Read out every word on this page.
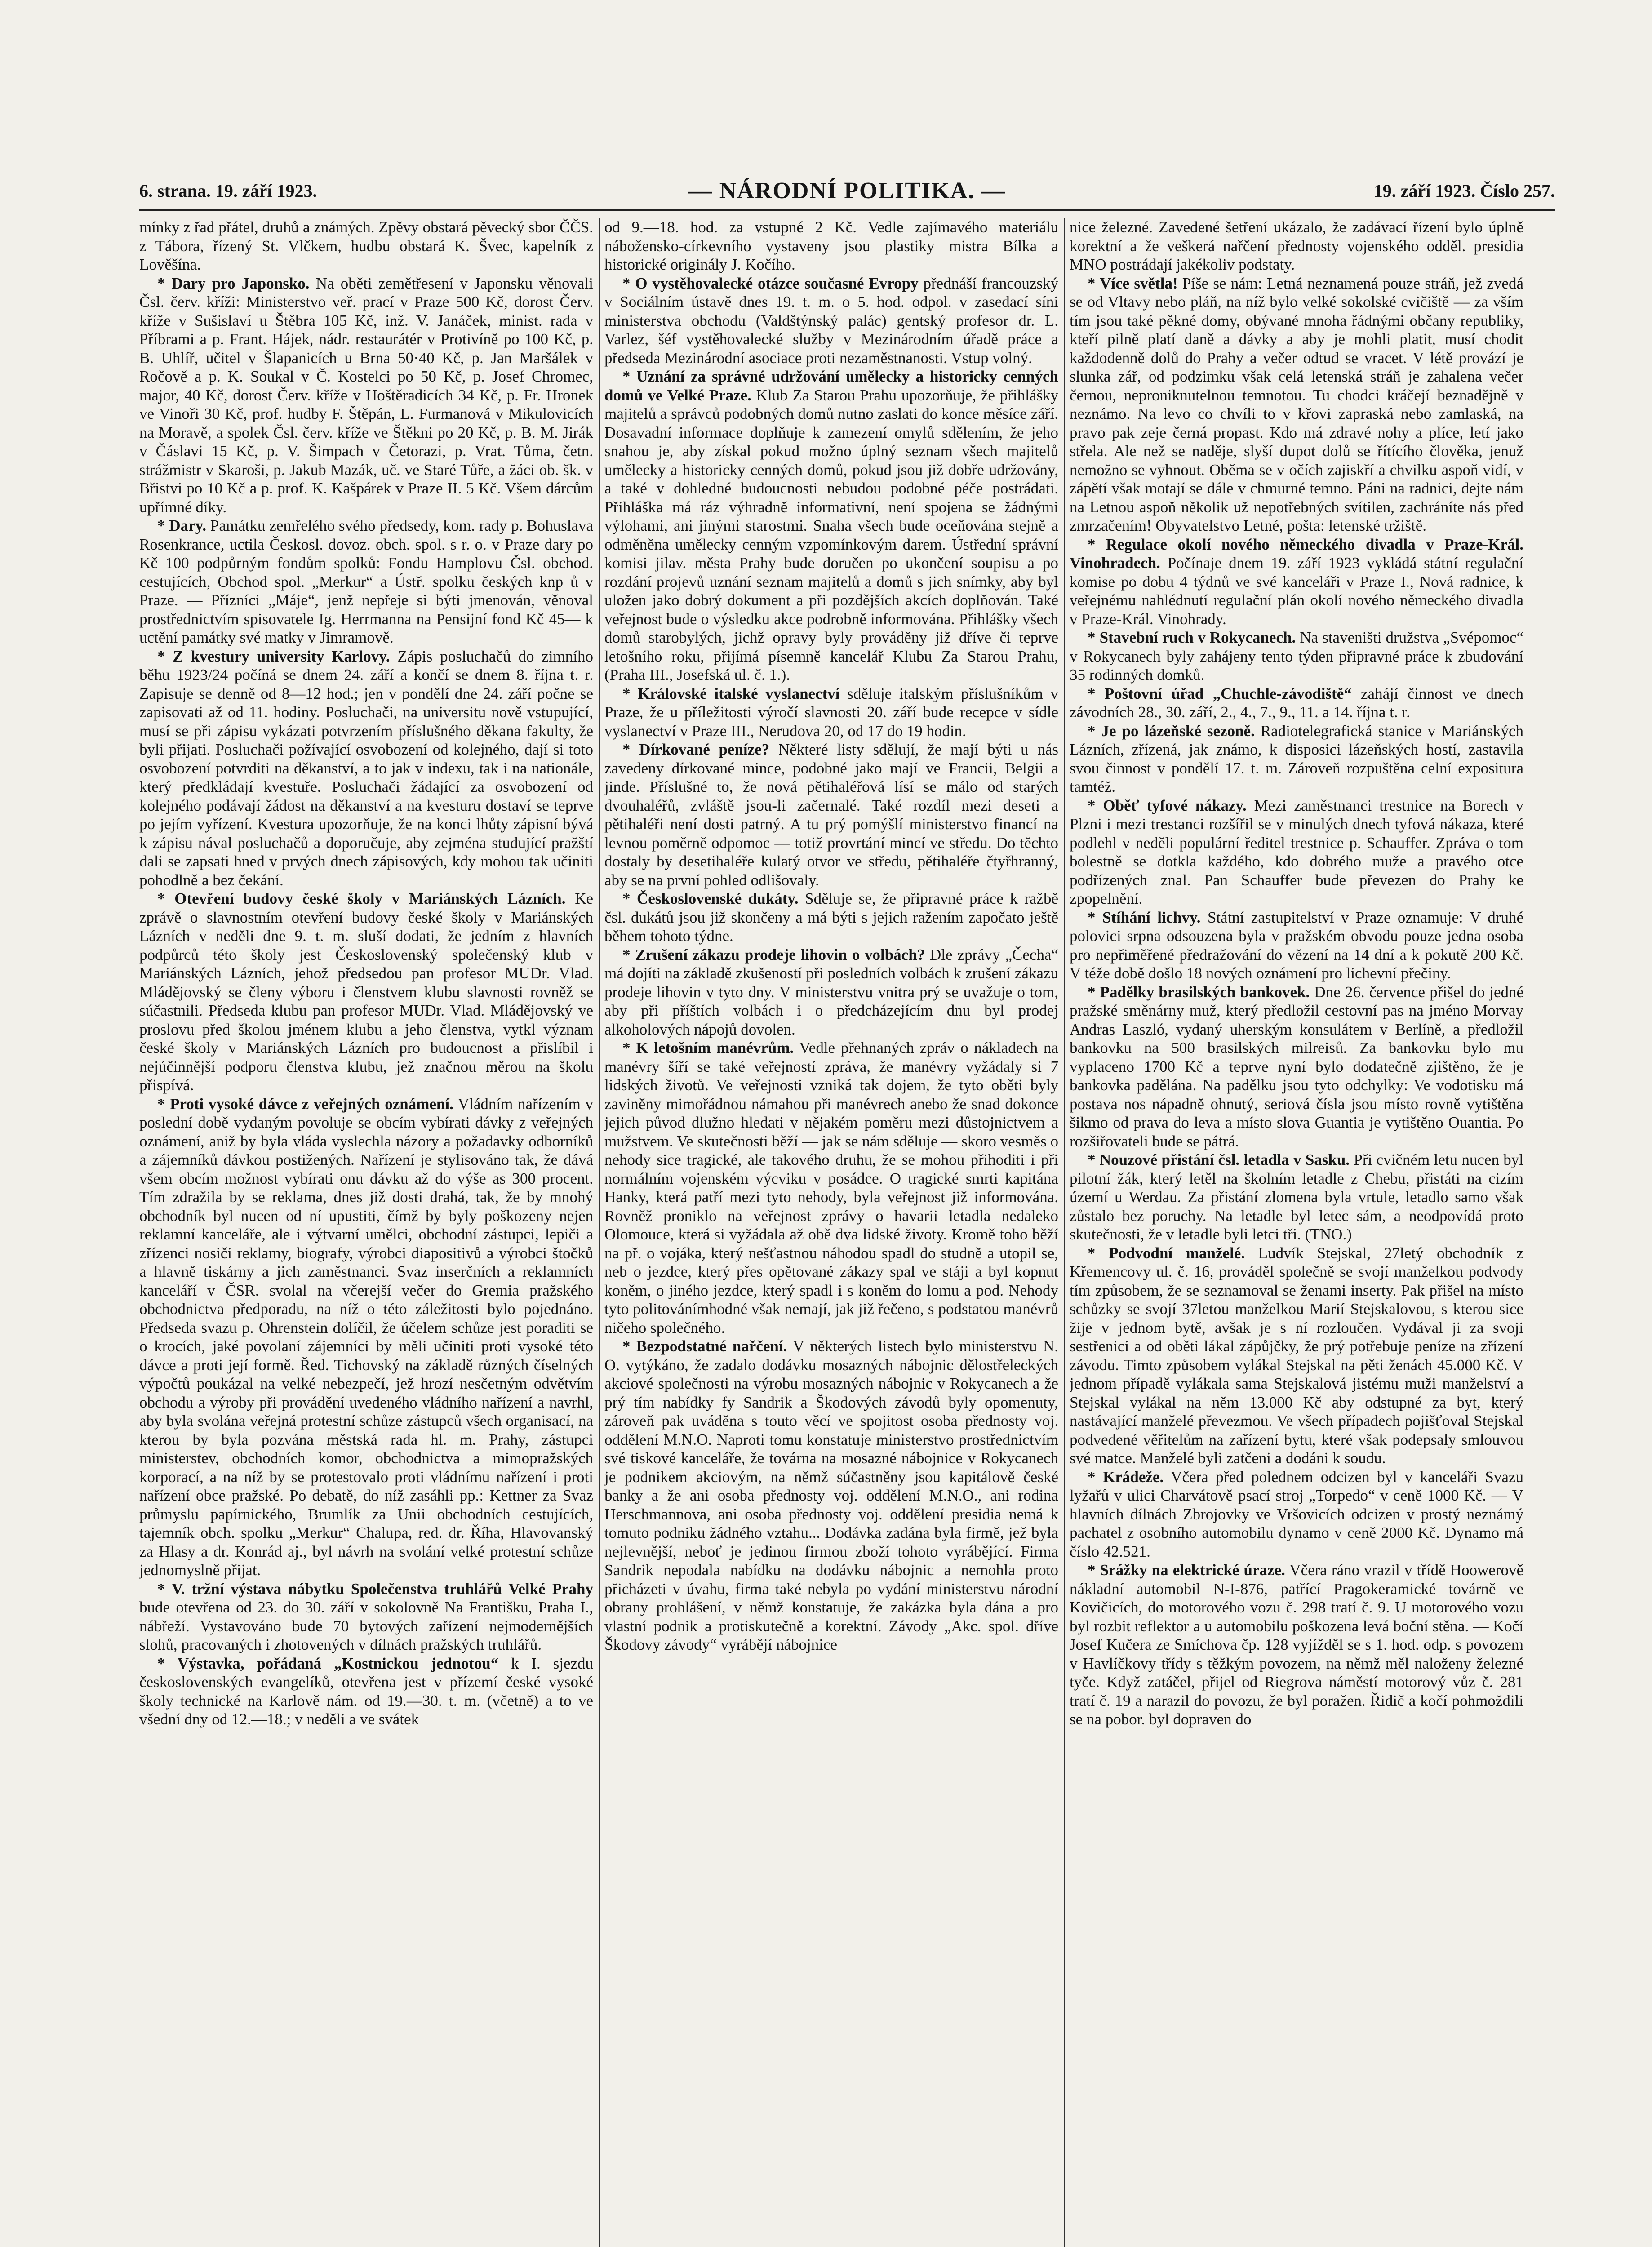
6. strana. 19. září 1923.	— NÁRODNÍ POLITIKA. —	19. září 1923. Číslo 257.

mínky z řad přátel, druhů a známých. Zpěvy obstará pěvecký sbor ČČS. z Tábora, řízený St. Vlčkem, hudbu obstará K. Švec, kapelník z Lověšína.

* Dary pro Japonsko. Na oběti zemětřesení v Japonsku věnovali Čsl. červ. kříži: Ministerstvo veř. prací v Praze 500 Kč, dorost Červ. kříže v Sušislaví u Štěbra 105 Kč, inž. V. Janáček, minist. rada v Příbrami a p. Frant. Hájek, nádr. restaurátér v Protivíně po 100 Kč, p. B. Uhlíř, učitel v Šlapanicích u Brna 50·40 Kč, p. Jan Maršálek v Ročově a p. K. Soukal v Č. Kostelci po 50 Kč, p. Josef Chromec, major, 40 Kč, dorost Červ. kříže v Hoštěradicích 34 Kč, p. Fr. Hronek ve Vinoři 30 Kč, prof. hudby F. Štěpán, L. Furmanová v Mikulovicích na Moravě, a spolek Čsl. červ. kříže ve Štěkni po 20 Kč, p. B. M. Jirák v Čáslavi 15 Kč, p. V. Šimpach v Četorazi, p. Vrat. Tůma, četn. strážmistr v Skaroši, p. Jakub Mazák, uč. ve Staré Tůře, a žáci ob. šk. v Břistvi po 10 Kč a p. prof. K. Kašpárek v Praze II. 5 Kč. Všem dárcům upřímné díky.

* Dary. Památku zemřelého svého předsedy, kom. rady p. Bohuslava Rosenkrance, uctila Českosl. dovoz. obch. spol. s r. o. v Praze dary po Kč 100 podpůrným fondům spolků: Fondu Hamplovu Čsl. obchod. cestujících, Obchod spol. „Merkur“ a Ústř. spolku českých knp ů v Praze. — Přízníci „Máje“, jenž nepřeje si býti jmenován, věnoval prostřednictvím spisovatele Ig. Herrmanna na Pensijní fond Kč 45— k uctění památky své matky v Jimramově.

* Z kvestury university Karlovy. Zápis posluchačů do zimního běhu 1923/24 počíná se dnem 24. září a končí se dnem 8. října t. r. Zapisuje se denně od 8—12 hod.; jen v pondělí dne 24. září počne se zapisovati až od 11. hodiny. Posluchači, na universitu nově vstupující, musí se při zápisu vykázati potvrzením příslušného děkana fakulty, že byli přijati. Posluchači požívající osvobození od kolejného, dají si toto osvobození potvrditi na děkanství, a to jak v indexu, tak i na nationále, který předkládají kvestuře. Posluchači žádající za osvobození od kolejného podávají žádost na děkanství a na kvesturu dostaví se teprve po jejím vyřízení. Kvestura upozorňuje, že na konci lhůty zápisní bývá k zápisu nával posluchačů a doporučuje, aby zejména studující pražští dali se zapsati hned v prvých dnech zápisových, kdy mohou tak učiniti pohodlně a bez čekání.

* Otevření budovy české školy v Mariánských Lázních. Ke zprávě o slavnostním otevření budovy české školy v Mariánských Lázních v neděli dne 9. t. m. sluší dodati, že jedním z hlavních podpůrců této školy jest Československý společenský klub v Mariánských Lázních, jehož předsedou pan profesor MUDr. Vlad. Mládějovský se členy výboru i členstvem klubu slavnosti rovněž se súčastnili. Předseda klubu pan profesor MUDr. Vlad. Mládějovský ve proslovu před školou jménem klubu a jeho členstva, vytkl význam české školy v Mariánských Lázních pro budoucnost a přislíbil i nejúčinnější podporu členstva klubu, jež značnou měrou na školu přispívá.

* Proti vysoké dávce z veřejných oznámení. Vládním nařízením v poslední době vydaným povoluje se obcím vybírati dávky z veřejných oznámení, aniž by byla vláda vyslechla názory a požadavky odborníků a zájemníků dávkou postižených. Nařízení je stylisováno tak, že dává všem obcím možnost vybírati onu dávku až do výše as 300 procent. Tím zdražila by se reklama, dnes již dosti drahá, tak, že by mnohý obchodník byl nucen od ní upustiti, čímž by byly poškozeny nejen reklamní kanceláře, ale i výtvarní umělci, obchodní zástupci, lepiči a zřízenci nosiči reklamy, biografy, výrobci diapositivů a výrobci štočků a hlavně tiskárny a jich zaměstnanci. Svaz inserčních a reklamních kanceláří v ČSR. svolal na včerejší večer do Gremia pražského obchodnictva předporadu, na níž o této záležitosti bylo pojednáno. Předseda svazu p. Ohrenstein dolíčil, že účelem schůze jest poraditi se o krocích, jaké povolaní zájemníci by měli učiniti proti vysoké této dávce a proti její formě. Řed. Tichovský na základě různých číselných výpočtů poukázal na velké nebezpečí, jež hrozí nesčetným odvětvím obchodu a výroby při provádění uvedeného vládního nařízení a navrhl, aby byla svolána veřejná protestní schůze zástupců všech organisací, na kterou by byla pozvána městská rada hl. m. Prahy, zástupci ministerstev, obchodních komor, obchodnictva a mimopražských korporací, a na níž by se protestovalo proti vládnímu nařízení i proti nařízení obce pražské. Po debatě, do níž zasáhli pp.: Kettner za Svaz průmyslu papírnického, Brumlík za Unii obchodních cestujících, tajemník obch. spolku „Merkur“ Chalupa, red. dr. Říha, Hlavovanský za Hlasy a dr. Konrád aj., byl návrh na svolání velké protestní schůze jednomyslně přijat.

* V. tržní výstava nábytku Společenstva truhlářů Velké Prahy bude otevřena od 23. do 30. září v sokolovně Na Františku, Praha I., nábřeží. Vystavováno bude 70 bytových zařízení nejmodernějších slohů, pracovaných i zhotovených v dílnách pražských truhlářů.

* Výstavka, pořádaná „Kostnickou jednotou“ k I. sjezdu československých evangelíků, otevřena jest v přízemí české vysoké školy technické na Karlově nám. od 19.—30. t. m. (včetně) a to ve všední dny od 12.—18.; v neděli a ve svátek

od 9.—18. hod. za vstupné 2 Kč. Vedle zajímavého materiálu nábožensko-církevního vystaveny jsou plastiky mistra Bílka a historické originály J. Kočího.

* O vystěhovalecké otázce současné Evropy přednáší francouzský v Sociálním ústavě dnes 19. t. m. o 5. hod. odpol. v zasedací síni ministerstva obchodu (Valdštýnský palác) gentský profesor dr. L. Varlez, šéf vystěhovalecké služby v Mezinárodním úřadě práce a předseda Mezinárodní asociace proti nezaměstnanosti. Vstup volný.

* Uznání za správné udržování umělecky a historicky cenných domů ve Velké Praze. Klub Za Starou Prahu upozorňuje, že přihlášky majitelů a správců podobných domů nutno zaslati do konce měsíce září. Dosavadní informace doplňuje k zamezení omylů sdělením, že jeho snahou je, aby získal pokud možno úplný seznam všech majitelů umělecky a historicky cenných domů, pokud jsou již dobře udržovány, a také v dohledné budoucnosti nebudou podobné péče postrádati. Přihláška má ráz výhradně informativní, není spojena se žádnými výlohami, ani jinými starostmi. Snaha všech bude oceňována stejně a odměněna umělecky cenným vzpomínkovým darem. Ústřední správní komisi jilav. města Prahy bude doručen po ukončení soupisu a po rozdání projevů uznání seznam majitelů a domů s jich snímky, aby byl uložen jako dobrý dokument a při pozdějších akcích doplňován. Také veřejnost bude o výsledku akce podrobně informována. Přihlášky všech domů starobylých, jichž opravy byly prováděny již dříve či teprve letošního roku, přijímá písemně kancelář Klubu Za Starou Prahu, (Praha III., Josefská ul. č. 1.).

* Královské italské vyslanectví sděluje italským příslušníkům v Praze, že u příležitosti výročí slavnosti 20. září bude recepce v sídle vyslanectví v Praze III., Nerudova 20, od 17 do 19 hodin.

* Dírkované peníze? Některé listy sdělují, že mají býti u nás zavedeny dírkované mince, podobné jako mají ve Francii, Belgii a jinde. Příslušné to, že nová pětihaléřová lísí se málo od starých dvouhaléřů, zvláště jsou-li začernalé. Také rozdíl mezi deseti a pětihaléři není dosti patrný. A tu prý pomýšlí ministerstvo financí na levnou poměrně odpomoc — totiž provrtání mincí ve středu. Do těchto dostaly by desetihaléře kulatý otvor ve středu, pětihaléře čtyřhranný, aby se na první pohled odlišovaly.

* Československé dukáty. Sděluje se, že připravné práce k ražbě čsl. dukátů jsou již skončeny a má býti s jejich ražením započato ještě během tohoto týdne.

* Zrušení zákazu prodeje lihovin o volbách? Dle zprávy „Čecha“ má dojíti na základě zkušeností při posledních volbách k zrušení zákazu prodeje lihovin v tyto dny. V ministerstvu vnitra prý se uvažuje o tom, aby při příštích volbách i o předcházejícím dnu byl prodej alkoholových nápojů dovolen.

* K letošním manévrům. Vedle přehnaných zpráv o nákladech na manévry šíří se také veřejností zpráva, že manévry vyžádaly si 7 lidských životů. Ve veřejnosti vzniká tak dojem, že tyto oběti byly zaviněny mimořádnou námahou při manévrech anebo že snad dokonce jejich původ dlužno hledati v nějakém poměru mezi důstojnictvem a mužstvem. Ve skutečnosti běží — jak se nám sděluje — skoro vesměs o nehody sice tragické, ale takového druhu, že se mohou přihoditi i při normálním vojenském výcviku v posádce. O tragické smrti kapitána Hanky, která patří mezi tyto nehody, byla veřejnost již informována. Rovněž proniklo na veřejnost zprávy o havarii letadla nedaleko Olomouce, která si vyžádala až obě dva lidské životy. Kromě toho běží na př. o vojáka, který nešťastnou náhodou spadl do studně a utopil se, neb o jezdce, který přes opětované zákazy spal ve stáji a byl kopnut koněm, o jiného jezdce, který spadl i s koněm do lomu a pod. Nehody tyto politovánímhodné však nemají, jak již řečeno, s podstatou manévrů ničeho společného.

* Bezpodstatné nařčení. V některých listech bylo ministerstvu N. O. vytýkáno, že zadalo dodávku mosazných nábojnic dělostřeleckých akciové společnosti na výrobu mosazných nábojnic v Rokycanech a že prý tím nabídky fy Sandrik a Škodových závodů byly opomenuty, zároveň pak uváděna s touto věcí ve spojitost osoba přednosty voj. oddělení M.N.O. Naproti tomu konstatuje ministerstvo prostřednictvím své tiskové kanceláře, že továrna na mosazné nábojnice v Rokycanech je podnikem akciovým, na němž súčastněny jsou kapitálově české banky a že ani osoba přednosty voj. oddělení M.N.O., ani rodina Herschmannova, ani osoba přednosty voj. oddělení presidia nemá k tomuto podniku žádného vztahu... Dodávka zadána byla firmě, jež byla nejlevnější, neboť je jedinou firmou zboží tohoto vyrábějící. Firma Sandrik nepodala nabídku na dodávku nábojnic a nemohla proto přicházeti v úvahu, firma také nebyla po vydání ministerstvu národní obrany prohlášení, v němž konstatuje, že zakázka byla dána a pro vlastní podnik a protiskutečně a korektní. Závody „Akc. spol. dříve Škodovy závody“ vyrábějí nábojnice

nice železné. Zavedené šetření ukázalo, že zadávací řízení bylo úplně korektní a že veškerá nařčení přednosty vojenského odděl. presidia MNO postrádají jakékoliv podstaty.

* Více světla! Píše se nám: Letná neznamená pouze stráň, jež zvedá se od Vltavy nebo pláň, na níž bylo velké sokolské cvičiště — za vším tím jsou také pěkné domy, obývané mnoha řádnými občany republiky, kteří pilně platí daně a dávky a aby je mohli platit, musí chodit každodenně dolů do Prahy a večer odtud se vracet. V létě provází je slunka zář, od podzimku však celá letenská stráň je zahalena večer černou, neproniknutelnou temnotou. Tu chodci kráčejí beznadějně v neznámo. Na levo co chvíli to v křovi zapraská nebo zamlaská, na pravo pak zeje černá propast. Kdo má zdravé nohy a plíce, letí jako střela. Ale než se naděje, slyší dupot dolů se řítícího člověka, jenuž nemožno se vyhnout. Oběma se v očích zajiskří a chvilku aspoň vidí, v zápětí však motají se dále v chmurné temno. Páni na radnici, dejte nám na Letnou aspoň několik už nepotřebných svítilen, zachráníte nás před zmrzačením! Obyvatelstvo Letné, pošta: letenské tržiště.

* Regulace okolí nového německého divadla v Praze-Král. Vinohradech. Počínaje dnem 19. září 1923 vykládá státní regulační komise po dobu 4 týdnů ve své kanceláři v Praze I., Nová radnice, k veřejnému nahlédnutí regulační plán okolí nového německého divadla v Praze-Král. Vinohrady.

* Stavební ruch v Rokycanech. Na staveništi družstva „Svépomoc“ v Rokycanech byly zahájeny tento týden připravné práce k zbudování 35 rodinných domků.

* Poštovní úřad „Chuchle-závodiště“ zahájí činnost ve dnech závodních 28., 30. září, 2., 4., 7., 9., 11. a 14. října t. r.

* Je po lázeňské sezoně. Radiotelegrafická stanice v Mariánských Lázních, zřízená, jak známo, k disposici lázeňských hostí, zastavila svou činnost v pondělí 17. t. m. Zároveň rozpuštěna celní expositura tamtéž.

* Oběť tyfové nákazy. Mezi zaměstnanci trestnice na Borech v Plzni i mezi trestanci rozšířil se v minulých dnech tyfová nákaza, které podlehl v neděli populární ředitel trestnice p. Schauffer. Zpráva o tom bolestně se dotkla každého, kdo dobrého muže a pravého otce podřízených znal. Pan Schauffer bude převezen do Prahy ke zpopelnění.

* Stíhání lichvy. Státní zastupitelství v Praze oznamuje: V druhé polovici srpna odsouzena byla v pražském obvodu pouze jedna osoba pro nepřiměřené předražování do vězení na 14 dní a k pokutě 200 Kč. V téže době došlo 18 nových oznámení pro lichevní přečiny.

* Padělky brasilských bankovek. Dne 26. července přišel do jedné pražské směnárny muž, který předložil cestovní pas na jméno Morvay Andras Laszló, vydaný uherským konsulátem v Berlíně, a předložil bankovku na 500 brasilských milreisů. Za bankovku bylo mu vyplaceno 1700 Kč a teprve nyní bylo dodatečně zjištěno, že je bankovka padělána. Na padělku jsou tyto odchylky: Ve vodotisku má postava nos nápadně ohnutý, seriová čísla jsou místo rovně vytištěna šikmo od prava do leva a místo slova Guantia je vytištěno Ouantia. Po rozšiřovateli bude se pátrá.

* Nouzové přistání čsl. letadla v Sasku. Při cvičném letu nucen byl pilotní žák, který letěl na školním letadle z Chebu, přistáti na cizím území u Werdau. Za přistání zlomena byla vrtule, letadlo samo však zůstalo bez poruchy. Na letadle byl letec sám, a neodpovídá proto skutečnosti, že v letadle byli letci tři. (TNO.)

* Podvodní manželé. Ludvík Stejskal, 27letý obchodník z Křemencovy ul. č. 16, prováděl společně se svojí manželkou podvody tím způsobem, že se seznamoval se ženami inserty. Pak přišel na místo schůzky se svojí 37letou manželkou Marií Stejskalovou, s kterou sice žije v jednom bytě, avšak je s ní rozloučen. Vydával ji za svoji sestřenici a od oběti lákal zápůjčky, že prý potřebuje peníze na zřízení závodu. Timto způsobem vylákal Stejskal na pěti ženách 45.000 Kč. V jednom případě vylákala sama Stejskalová jistému muži manželství a Stejskal vylákal na něm 13.000 Kč aby odstupné za byt, který nastávající manželé převezmou. Ve všech případech pojišťoval Stejskal podvedené věřitelům na zařízení bytu, které však podepsaly smlouvou své matce. Manželé byli zatčeni a dodáni k soudu.

* Krádeže. Včera před polednem odcizen byl v kanceláři Svazu lyžařů v ulici Charvátově psací stroj „Torpedo“ v ceně 1000 Kč. — V hlavních dílnách Zbrojovky ve Vršovicích odcizen v prostý neznámý pachatel z osobního automobilu dynamo v ceně 2000 Kč. Dynamo má číslo 42.521.

* Srážky na elektrické úraze. Včera ráno vrazil v třídě Hoowerově nákladní automobil N-I-876, patřící Pragokeramické továrně ve Kovičicích, do motorového vozu č. 298 tratí č. 9. U motorového vozu byl rozbit reflektor a u automobilu poškozena levá boční stěna. — Kočí Josef Kučera ze Smíchova čp. 128 vyjížděl se s 1. hod. odp. s povozem v Havlíčkovy třídy s těžkým povozem, na němž měl naloženy železné tyče. Když zatáčel, přijel od Riegrova náměstí motorový vůz č. 281 tratí č. 19 a narazil do povozu, že byl poražen. Řidič a kočí pohmoždili se na pobor. byl dopraven do
